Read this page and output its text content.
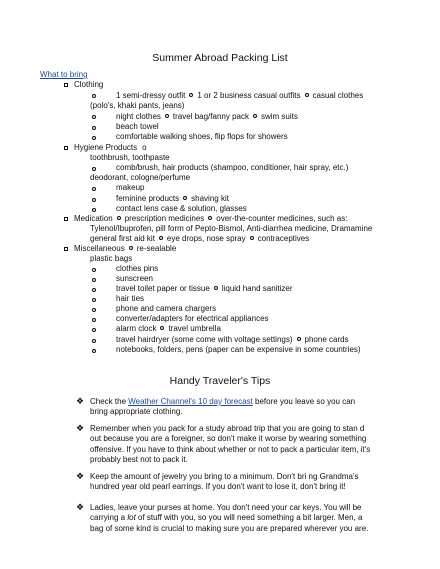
Summer Abroad Packing List
What to bring
Clothing
1 semi-dressy outfit 1 or 2 business casual outfits casual clothes
(polo's, khaki pants, jeans)
night clothes travel bag/fanny pack swim suits
beach towel
comfortable walking shoes, flip flops for showers
Hygiene Products o
toothbrush, toothpaste
comb/brush, hair products (shampoo, conditioner, hair spray, etc.)
deodorant, cologne/perfume
makeup
feminine products shaving kit
contact lens case & solution, glasses
Medication prescription medicines over-the-counter medicines, such as:
Tylenol/Ibuprofen, pill form of Pepto-Bismol, Anti-diarrhea medicine, Dramamine
general first aid kit eye drops, nose spray contraceptives
Miscellaneous re-sealable
plastic bags
clothes pins
sunscreen
travel toilet paper or tissue liquid hand sanitizer
hair ties
phone and camera chargers
converter/adapters for electrical appliances
alarm clock travel umbrella
travel hairdryer (some come with voltage settings) phone cards
notebooks, folders, pens (paper can be expensive in some countries)
Handy Traveler's Tips
❖ Check the Weather Channel's 10 day forecast before you leave so you can bring appropriate clothing.
❖ Remember when you pack for a study abroad trip that you are going to stan d out because you are a foreigner, so don't make it worse by wearing something offensive. If you have to think about whether or not to pack a particular item, it's probably best not to pack it.
❖ Keep the amount of jewelry you bring to a minimum. Don't bri ng Grandma's hundred year old pearl earrings. If you don't want to lose it, don't bring it!
❖ Ladies, leave your purses at home. You don't need your car keys. You will be carrying a lot of stuff with you, so you will need something a bit larger. Men, a bag of some kind is crucial to making sure you are prepared wherever you are.
